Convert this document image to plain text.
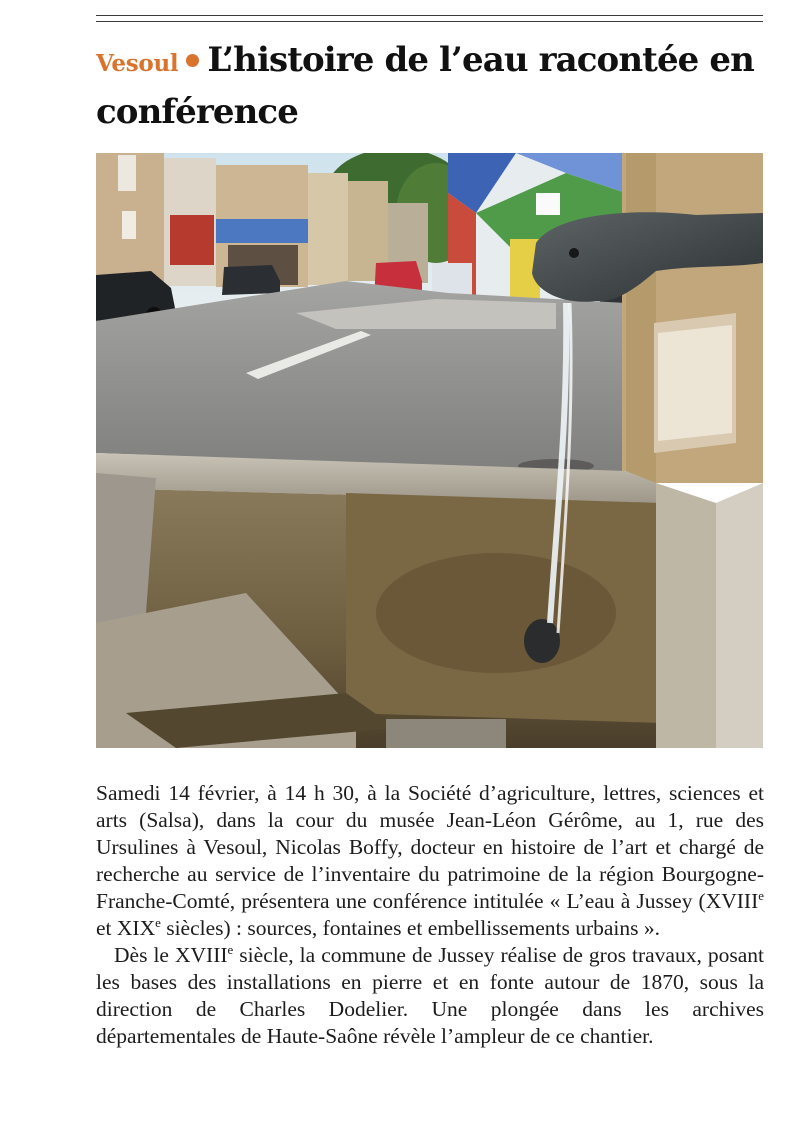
Vesoul L’histoire de l’eau racontée en conférence

Samedi 14 février, à 14 h 30, à la Société d’agriculture, lettres, sciences et arts (Salsa), dans la cour du musée Jean-Léon Gérôme, au 1, rue des Ursulines à Vesoul, Nicolas Boffy, docteur en histoire de l’art et chargé de recherche au service de l’inventaire du patrimoine de la région Bourgogne-Franche-Comté, présentera une conférence intitulée « L’eau à Jussey (XVIIIe et XIXe siècles) : sources, fontaines et embellissements urbains ».

Dès le XVIIIe siècle, la commune de Jussey réalise de gros travaux, posant les bases des installations en pierre et en fonte autour de 1870, sous la direction de Charles Dodelier. Une plongée dans les archives départementales de Haute-Saône révèle l’ampleur de ce chantier.
